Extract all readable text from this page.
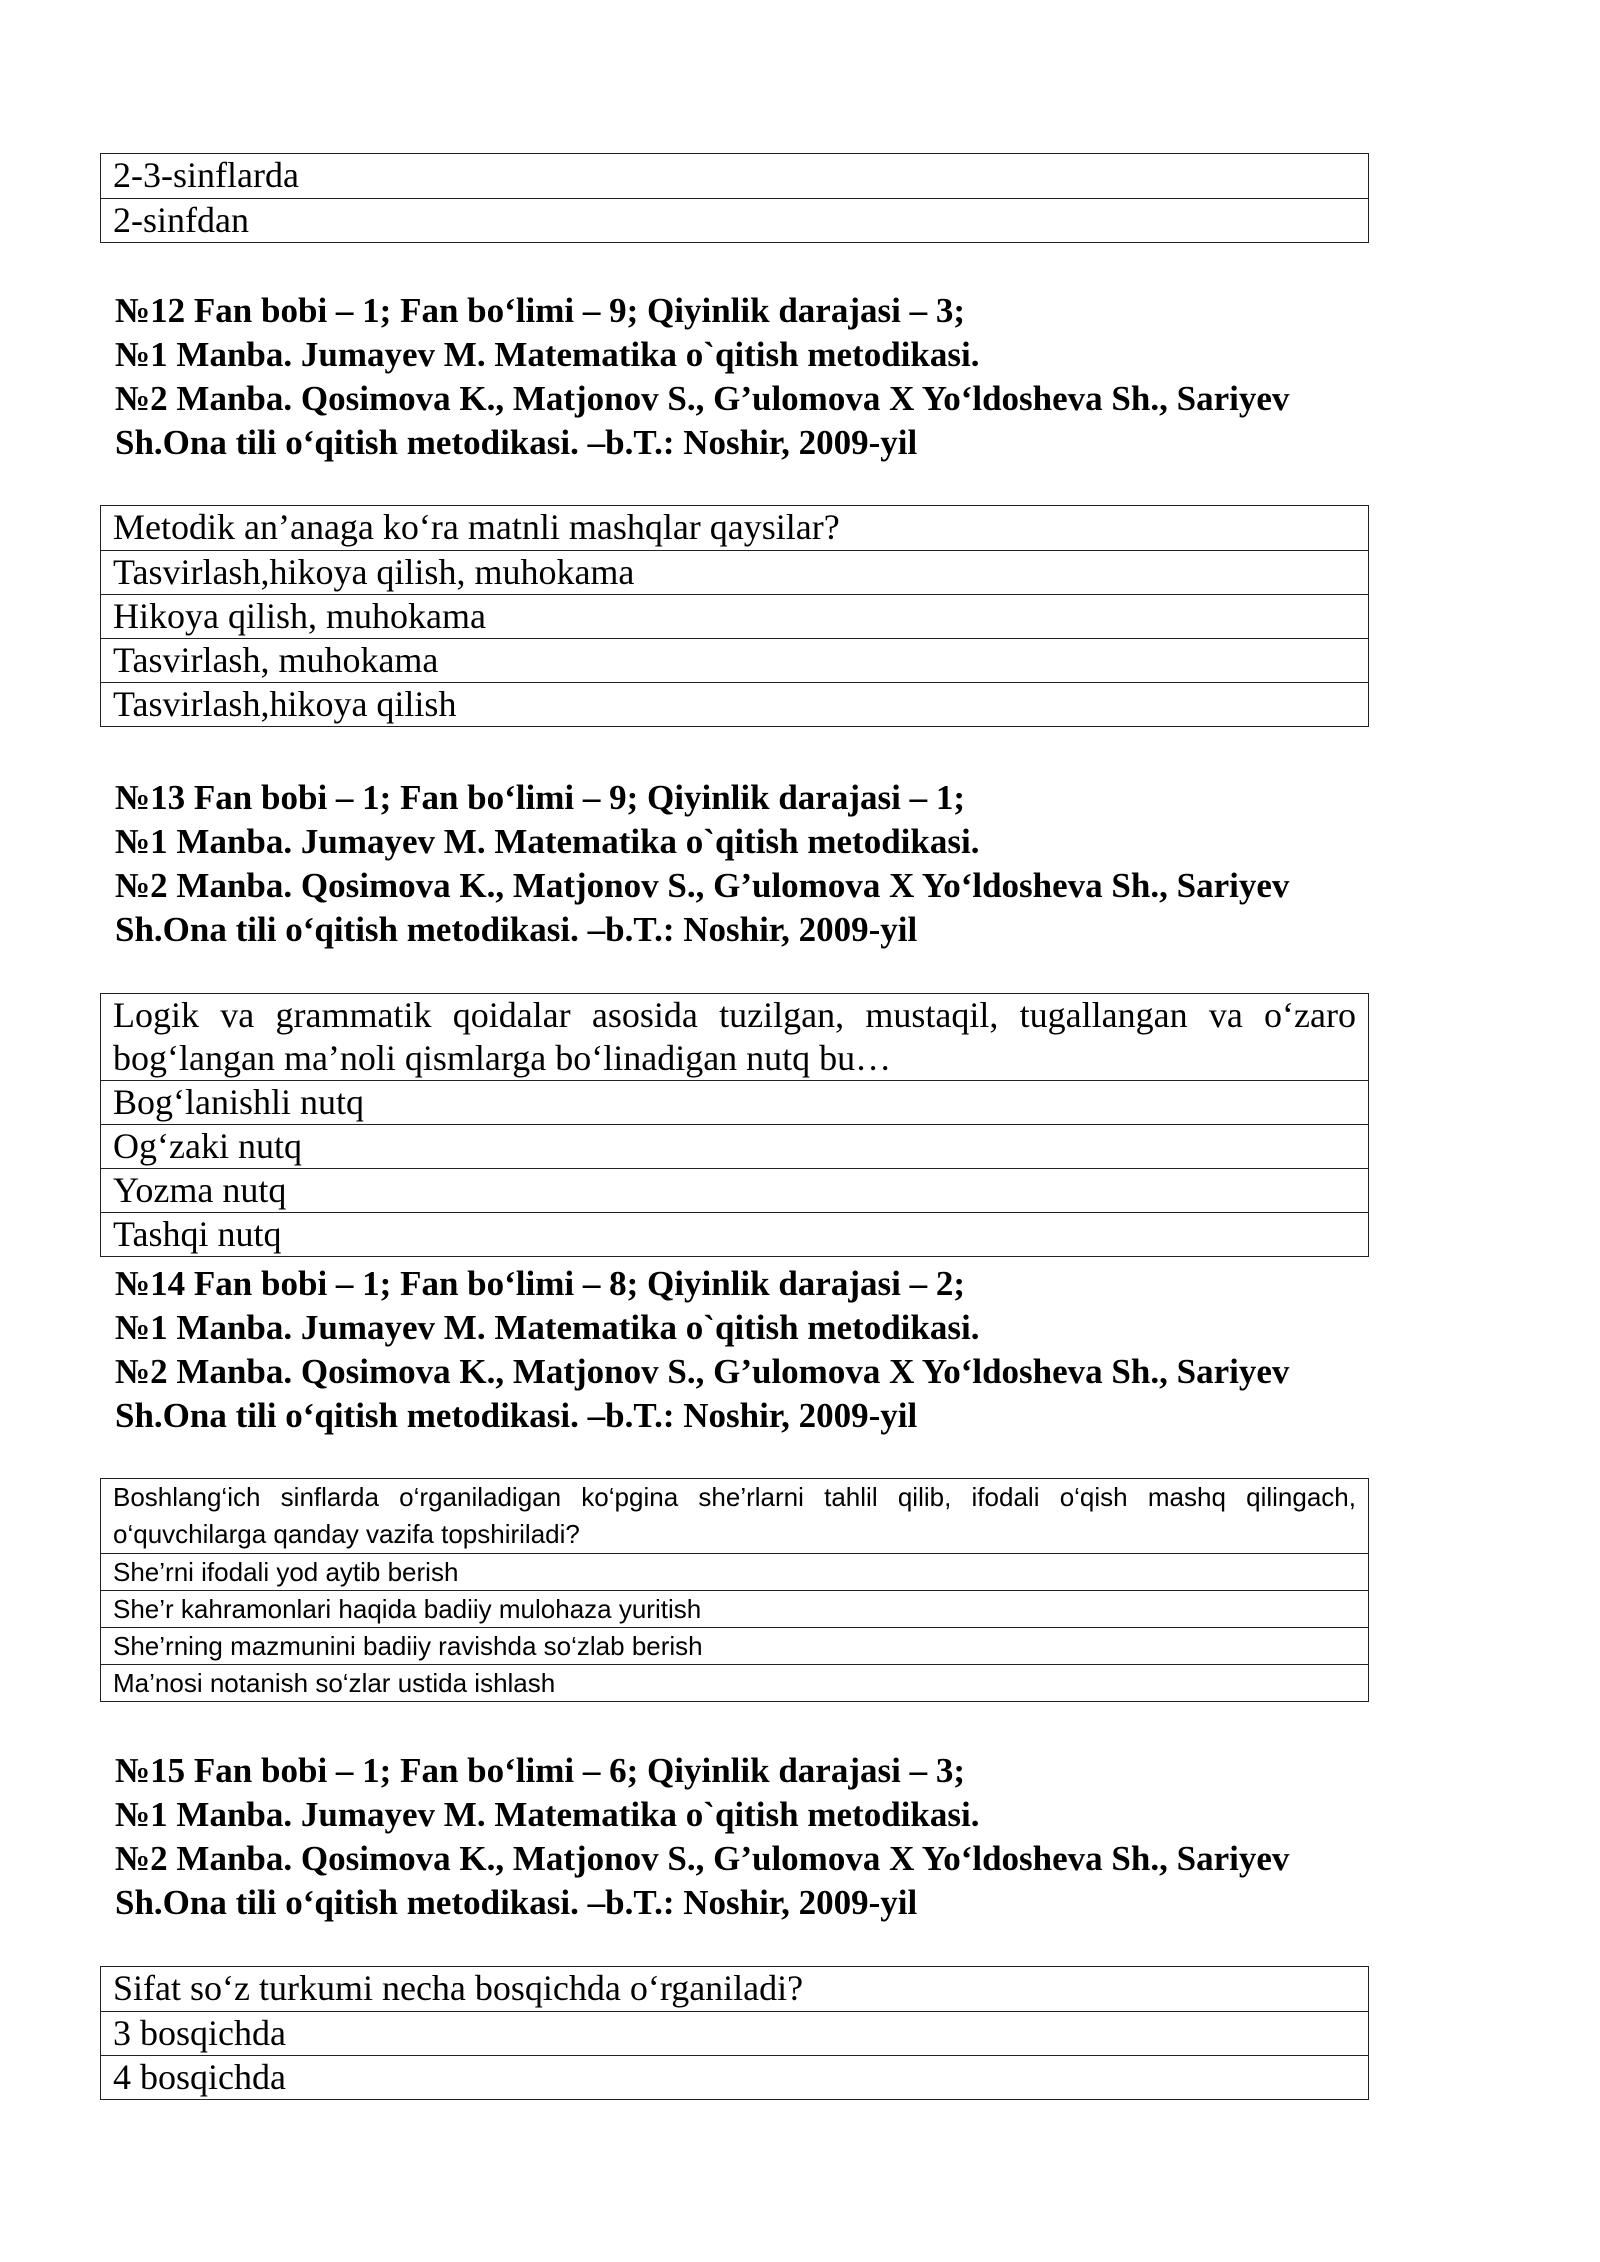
2-3-sinflarda
2-sinfdan
№12 Fan bobi – 1; Fan bo‘limi – 9; Qiyinlik darajasi – 3;
№1 Manba. Jumayev M. Matematika o`qitish metodikasi.
№2 Manba. Qosimova K., Matjonov S., G’ulomova X Yo‘ldosheva Sh., Sariyev
Sh.Ona tili o‘qitish metodikasi. –b.T.: Noshir, 2009-yil
Metodik an’anaga ko‘ra matnli mashqlar qaysilar?
Tasvirlash,hikoya qilish, muhokama
Hikoya qilish, muhokama
Tasvirlash, muhokama
Tasvirlash,hikoya qilish
№13 Fan bobi – 1; Fan bo‘limi – 9; Qiyinlik darajasi – 1;
№1 Manba. Jumayev M. Matematika o`qitish metodikasi.
№2 Manba. Qosimova K., Matjonov S., G’ulomova X Yo‘ldosheva Sh., Sariyev
Sh.Ona tili o‘qitish metodikasi. –b.T.: Noshir, 2009-yil
Logik va grammatik qoidalar asosida tuzilgan, mustaqil, tugallangan va o‘zaro bog‘langan ma’noli qismlarga bo‘linadigan nutq bu…
Bog‘lanishli nutq
Og‘zaki nutq
Yozma nutq
Tashqi nutq
№14 Fan bobi – 1; Fan bo‘limi – 8; Qiyinlik darajasi – 2;
№1 Manba. Jumayev M. Matematika o`qitish metodikasi.
№2 Manba. Qosimova K., Matjonov S., G’ulomova X Yo‘ldosheva Sh., Sariyev
Sh.Ona tili o‘qitish metodikasi. –b.T.: Noshir, 2009-yil
Boshlang‘ich sinflarda o‘rganiladigan ko‘pgina she’rlarni tahlil qilib, ifodali o‘qish mashq qilingach, o‘quvchilarga qanday vazifa topshiriladi?
She’rni ifodali yod aytib berish
She’r kahramonlari haqida badiiy mulohaza yuritish
She’rning mazmunini badiiy ravishda so‘zlab berish
Ma’nosi notanish so‘zlar ustida ishlash
№15 Fan bobi – 1; Fan bo‘limi – 6; Qiyinlik darajasi – 3;
№1 Manba. Jumayev M. Matematika o`qitish metodikasi.
№2 Manba. Qosimova K., Matjonov S., G’ulomova X Yo‘ldosheva Sh., Sariyev
Sh.Ona tili o‘qitish metodikasi. –b.T.: Noshir, 2009-yil
Sifat so‘z turkumi necha bosqichda o‘rganiladi?
3 bosqichda
4 bosqichda
